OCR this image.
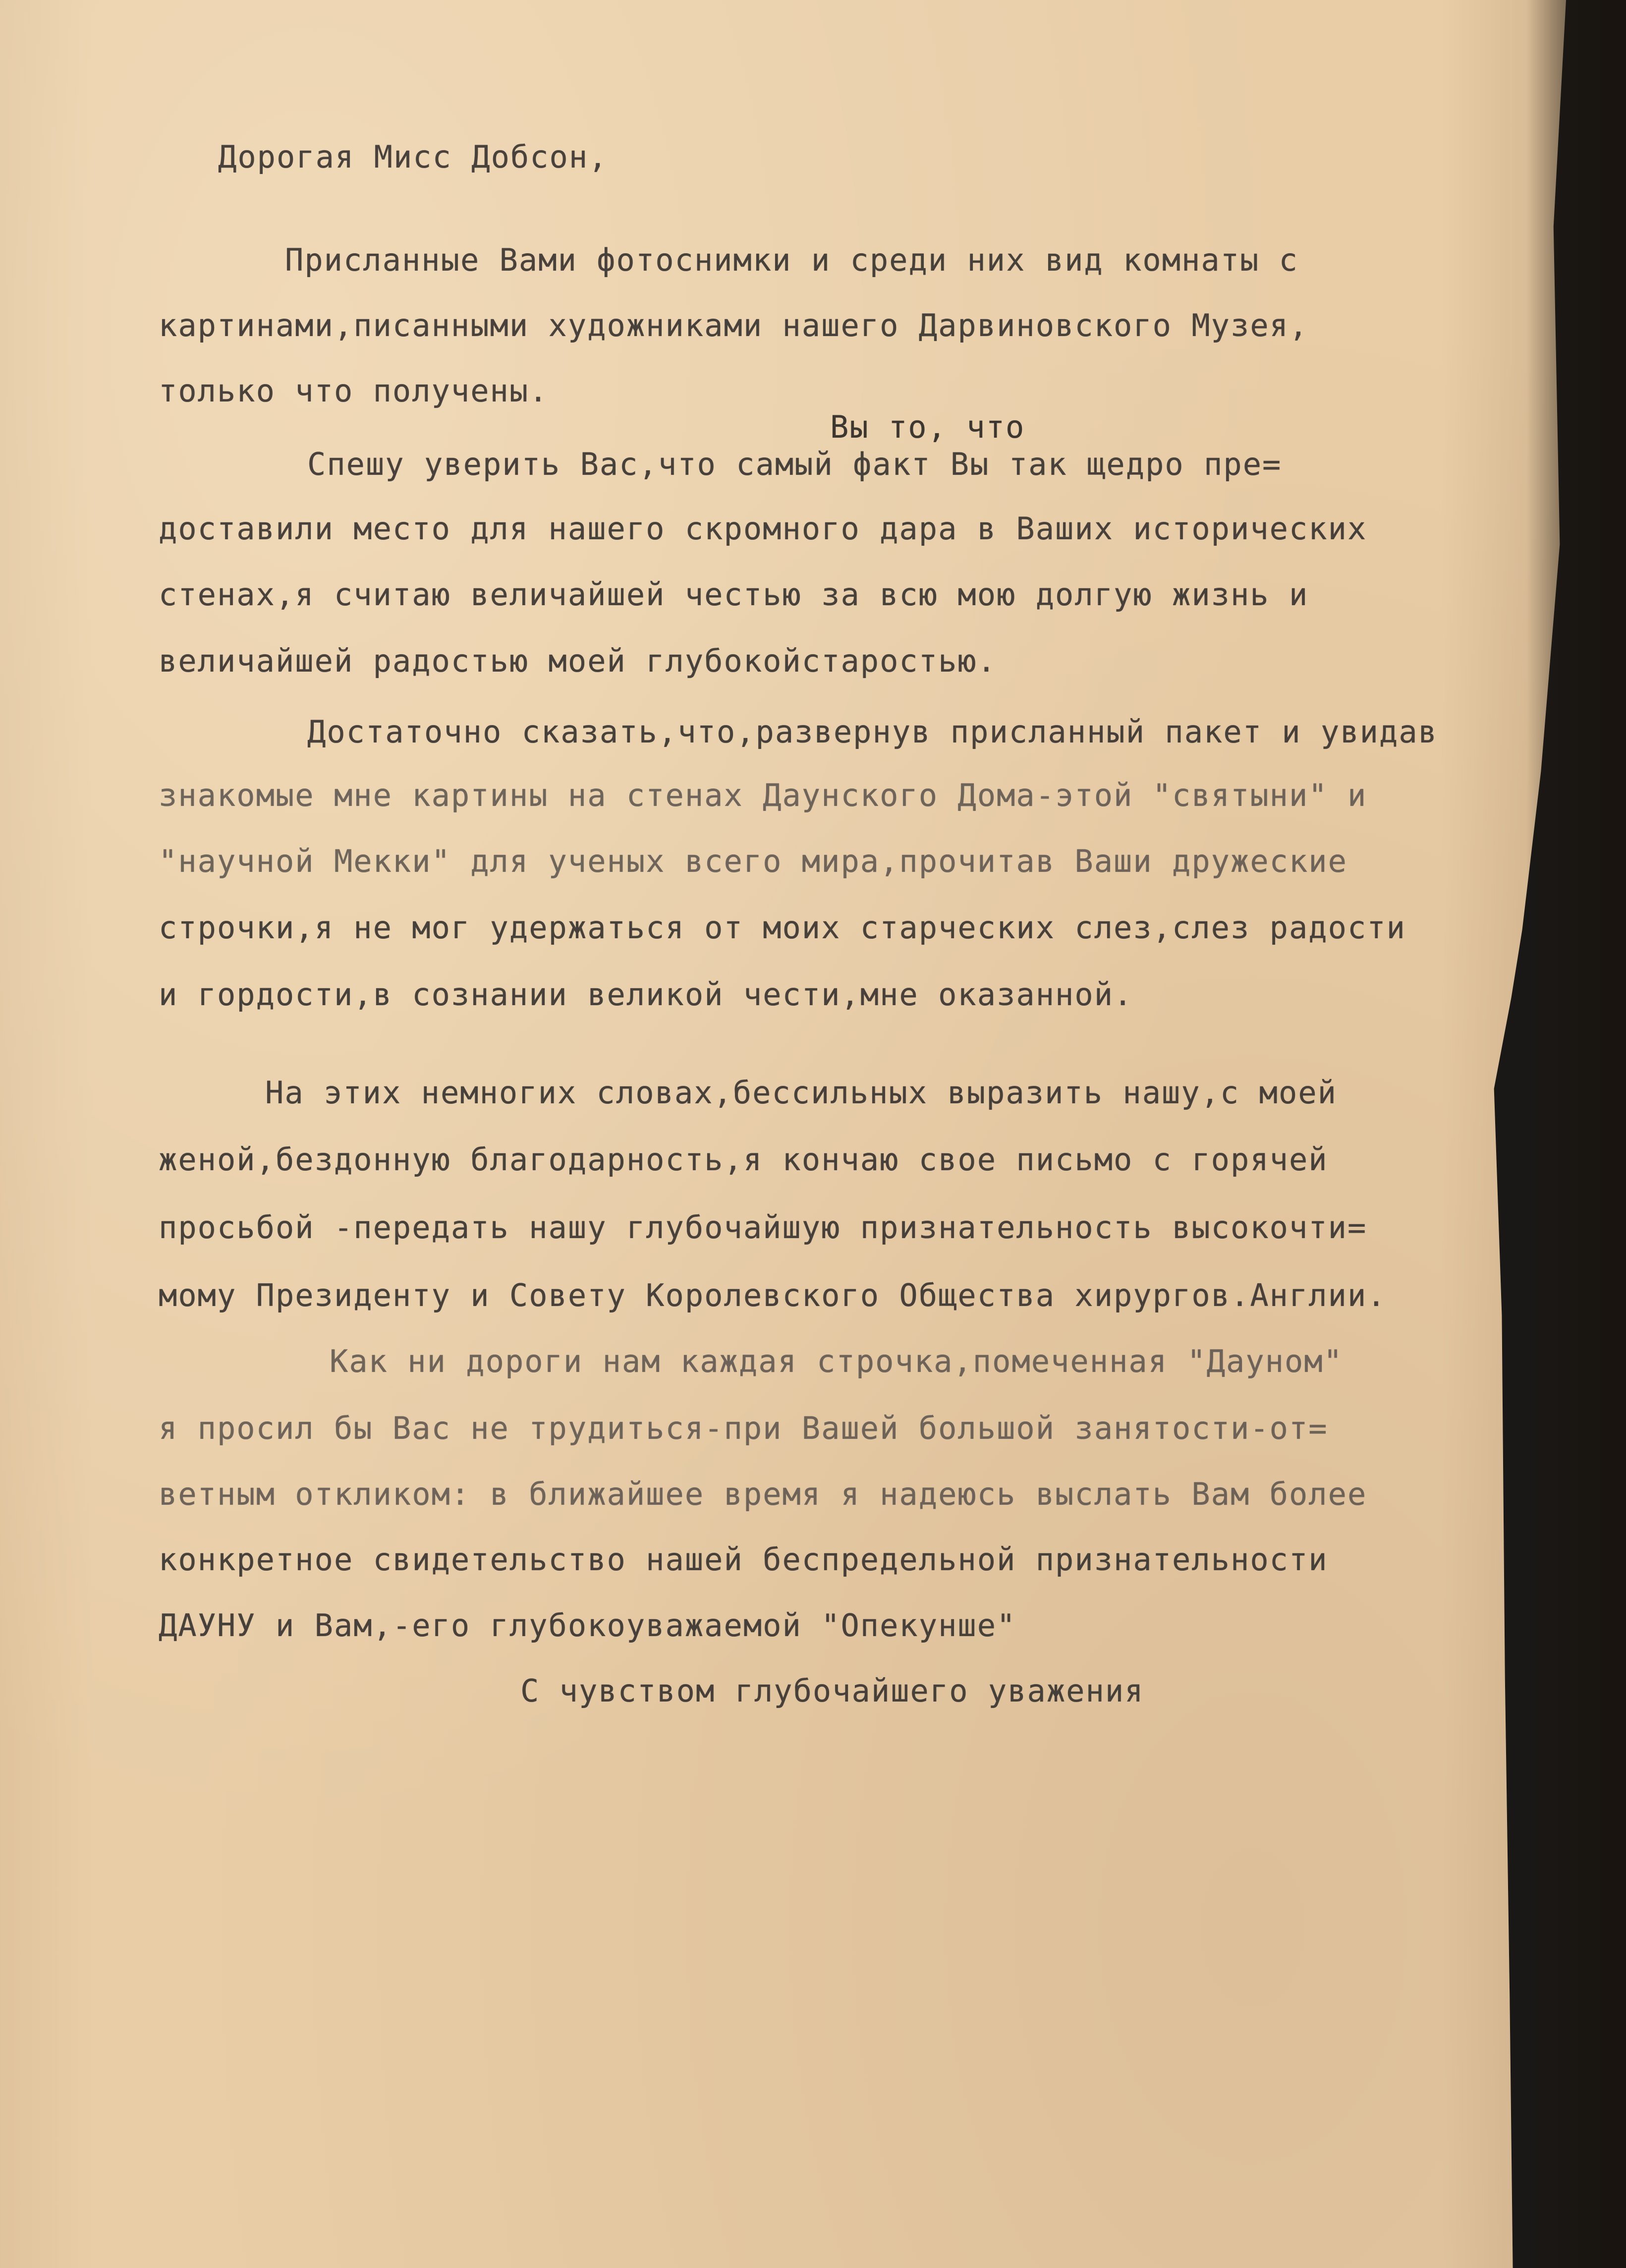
Дорогая Мисс Добсон,

Присланные Вами фотоснимки и среди них вид комнаты с

картинами,писанными художниками нашего Дарвиновского Музея,

только что получены.

Вы то, что

Спешу уверить Вас,что самый факт Вы так щедро пре=

доставили место для нашего скромного дара в Ваших исторических

стенах,я считаю величайшей честью за всю мою долгую жизнь и

величайшей радостью моей глубокойстаростью.

Достаточно сказать,что,развернув присланный пакет и увидав

знакомые мне картины на стенах Даунского Дома-этой "святыни" и

"научной Мекки" для ученых всего мира,прочитав Ваши дружеские

строчки,я не мог удержаться от моих старческих слез,слез радости

и гордости,в сознании великой чести,мне оказанной.

На этих немногих словах,бессильных выразить нашу,с моей

женой,бездонную благодарность,я кончаю свое письмо с горячей

просьбой -передать нашу глубочайшую признательность высокочти=

мому Президенту и Совету Королевского Общества хирургов.Англии.

Как ни дороги нам каждая строчка,помеченная "Дауном"

я просил бы Вас не трудиться-при Вашей большой занятости-от=

ветным откликом: в ближайшее время я надеюсь выслать Вам более

конкретное свидетельство нашей беспредельной признательности

ДАУНУ и Вам,-его глубокоуважаемой "Опекунше"

С чувством глубочайшего уважения
